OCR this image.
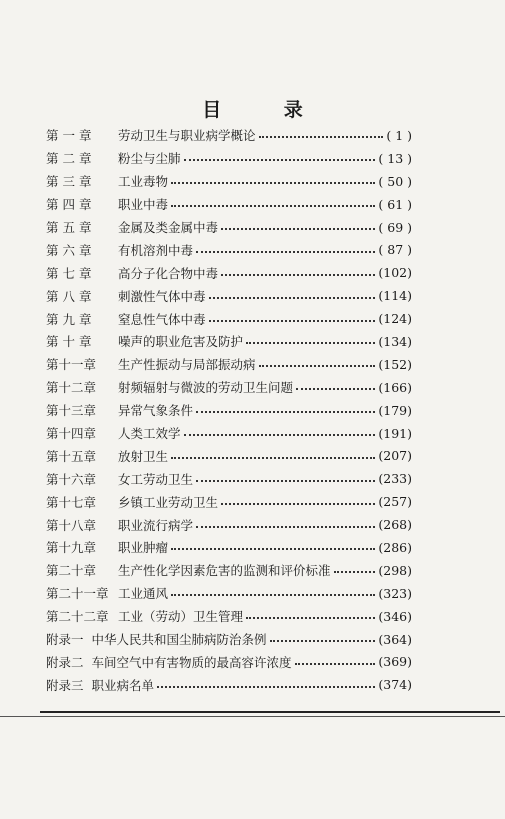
目 录
第 一 章	劳动卫生与职业病学概论	( 1 )
第 二 章	粉尘与尘肺	( 13 )
第 三 章	工业毒物	( 50 )
第 四 章	职业中毒	( 61 )
第 五 章	金属及类金属中毒	( 69 )
第 六 章	有机溶剂中毒	( 87 )
第 七 章	高分子化合物中毒	(102)
第 八 章	刺激性气体中毒	(114)
第 九 章	窒息性气体中毒	(124)
第 十 章	噪声的职业危害及防护	(134)
第十一章	生产性振动与局部振动病	(152)
第十二章	射频辐射与微波的劳动卫生问题	(166)
第十三章	异常气象条件	(179)
第十四章	人类工效学	(191)
第十五章	放射卫生	(207)
第十六章	女工劳动卫生	(233)
第十七章	乡镇工业劳动卫生	(257)
第十八章	职业流行病学	(268)
第十九章	职业肿瘤	(286)
第二十章	生产性化学因素危害的监测和评价标准	(298)
第二十一章 工业通风	(323)
第二十二章 工业（劳动）卫生管理	(346)
附录一 中华人民共和国尘肺病防治条例	(364)
附录二 车间空气中有害物质的最高容许浓度	(369)
附录三 职业病名单	(374)
